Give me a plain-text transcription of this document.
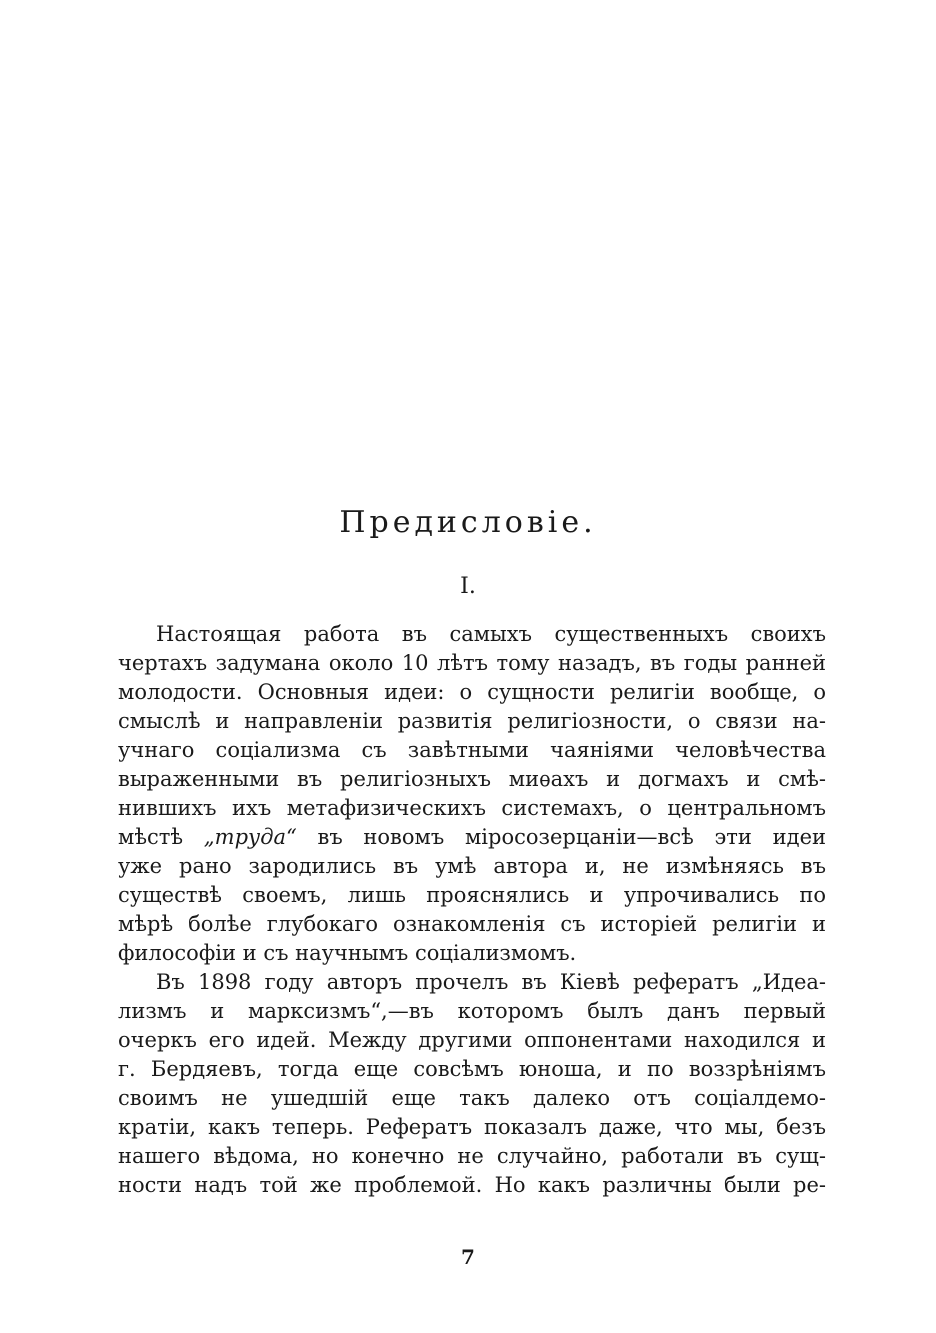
Предисловіе.
I.
Настоящая работа въ самыхъ существенныхъ своихъ
чертахъ задумана около 10 лѣтъ тому назадъ, въ годы ранней
молодости. Основныя идеи: о сущности религіи вообще, о
смыслѣ и направленіи развитія религіозности, о связи на-
учнаго соціализма съ завѣтными чаяніями человѣчества
выраженными въ религіозныхъ миѳахъ и догмахъ и смѣ-
нившихъ ихъ метафизическихъ системахъ, о центральномъ
мѣстѣ „труда“ въ новомъ міросозерцаніи—всѣ эти идеи
уже рано зародились въ умѣ автора и, не измѣняясь въ
существѣ своемъ, лишь прояснялись и упрочивались по
мѣрѣ болѣе глубокаго ознакомленія съ исторіей религіи и
философіи и съ научнымъ соціализмомъ.
Въ 1898 году авторъ прочелъ въ Кіевѣ рефератъ „Идеа-
лизмъ и марксизмъ“,—въ которомъ былъ данъ первый
очеркъ его идей. Между другими оппонентами находился и
г. Бердяевъ, тогда еще совсѣмъ юноша, и по воззрѣніямъ
своимъ не ушедшій еще такъ далеко отъ соціалдемо-
кратіи, какъ теперь. Рефератъ показалъ даже, что мы, безъ
нашего вѣдома, но конечно не случайно, работали въ сущ-
ности надъ той же проблемой. Но какъ различны были ре-
7
